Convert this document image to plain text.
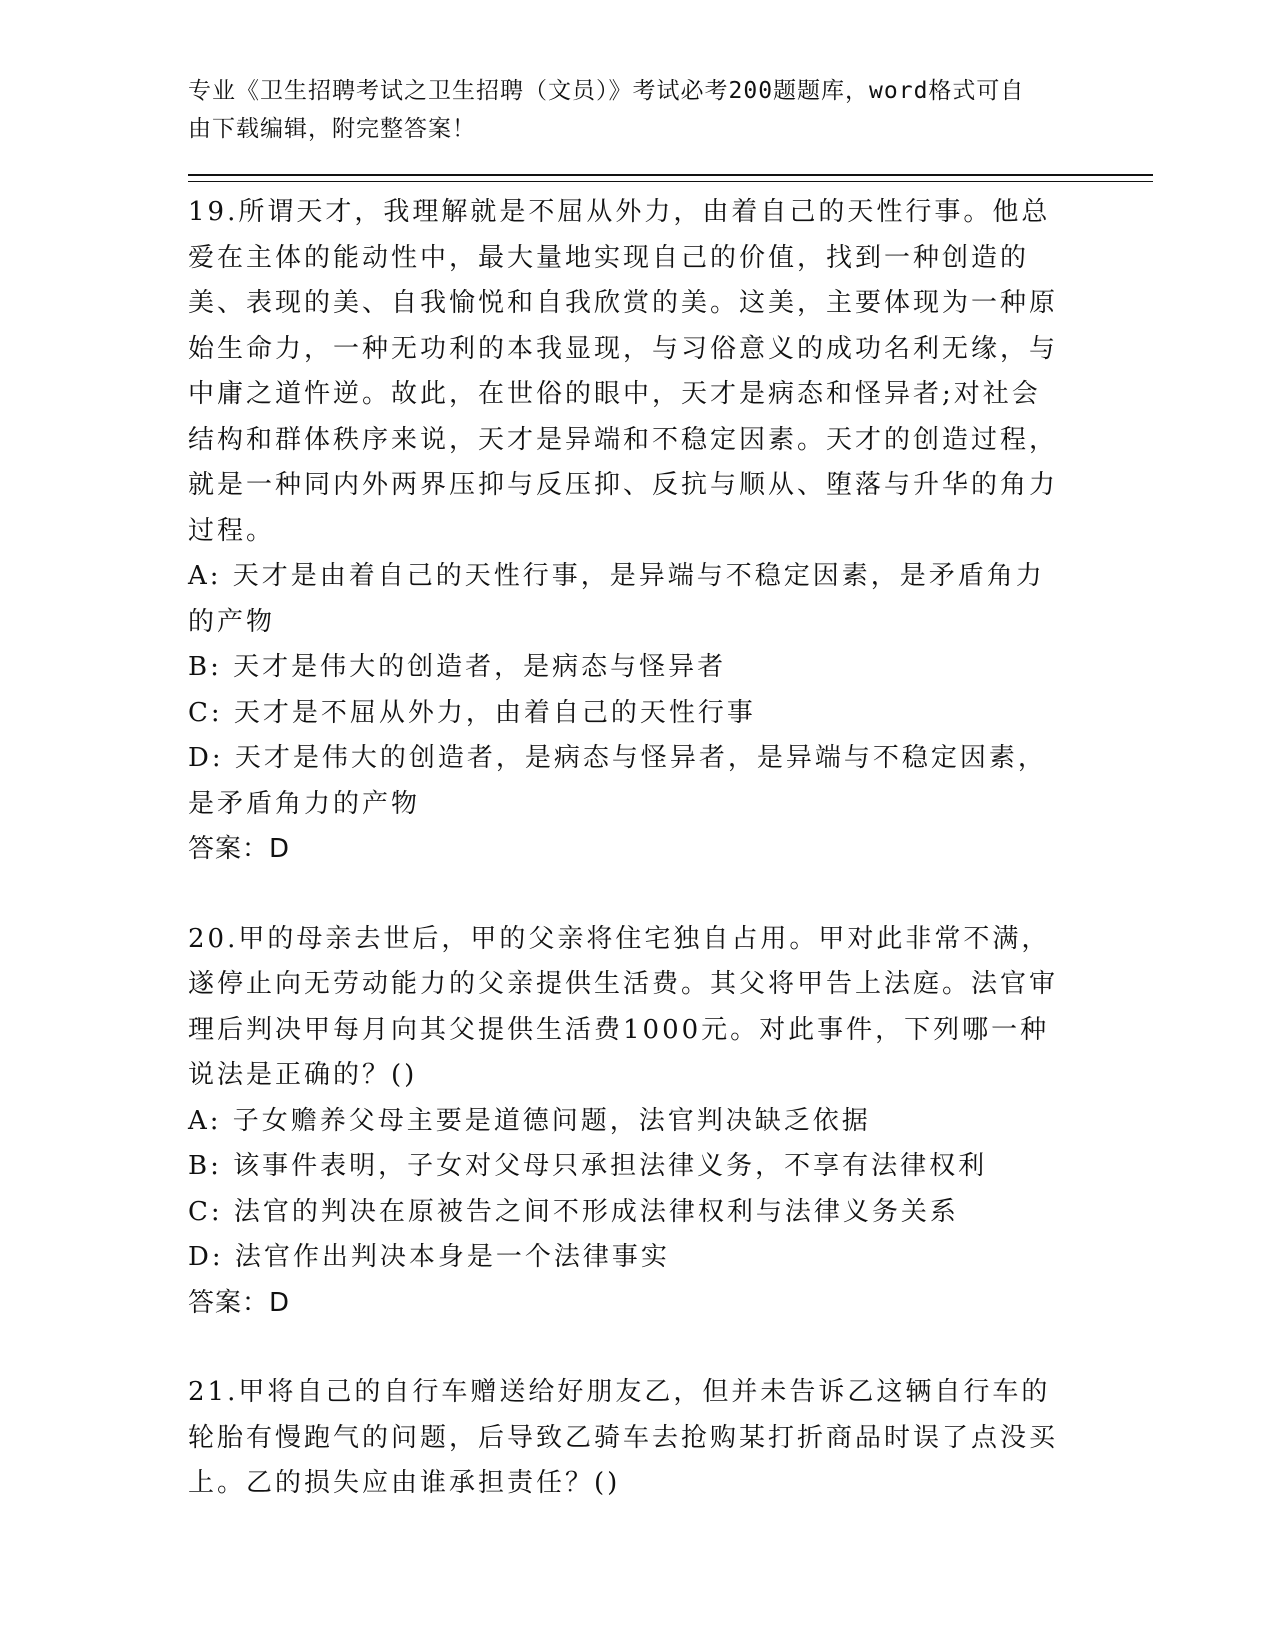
专业《卫生招聘考试之卫生招聘（文员）》考试必考200题题库，word格式可自
由下载编辑，附完整答案！

19.所谓天才，我理解就是不屈从外力，由着自己的天性行事。他总爱在主体的能动性中，最大量地实现自己的价值，找到一种创造的美、表现的美、自我愉悦和自我欣赏的美。这美，主要体现为一种原始生命力，一种无功利的本我显现，与习俗意义的成功名利无缘，与中庸之道忤逆。故此，在世俗的眼中，天才是病态和怪异者;对社会结构和群体秩序来说，天才是异端和不稳定因素。天才的创造过程，就是一种同内外两界压抑与反压抑、反抗与顺从、堕落与升华的角力过程。

A: 天才是由着自己的天性行事，是异端与不稳定因素，是矛盾角力的产物

B: 天才是伟大的创造者，是病态与怪异者

C: 天才是不屈从外力，由着自己的天性行事

D: 天才是伟大的创造者，是病态与怪异者，是异端与不稳定因素，是矛盾角力的产物

答案：D

20.甲的母亲去世后，甲的父亲将住宅独自占用。甲对此非常不满，遂停止向无劳动能力的父亲提供生活费。其父将甲告上法庭。法官审理后判决甲每月向其父提供生活费1000元。对此事件，下列哪一种说法是正确的？()

A: 子女赡养父母主要是道德问题，法官判决缺乏依据

B: 该事件表明，子女对父母只承担法律义务，不享有法律权利

C: 法官的判决在原被告之间不形成法律权利与法律义务关系

D: 法官作出判决本身是一个法律事实

答案：D

21.甲将自己的自行车赠送给好朋友乙，但并未告诉乙这辆自行车的轮胎有慢跑气的问题，后导致乙骑车去抢购某打折商品时误了点没买上。乙的损失应由谁承担责任？()
